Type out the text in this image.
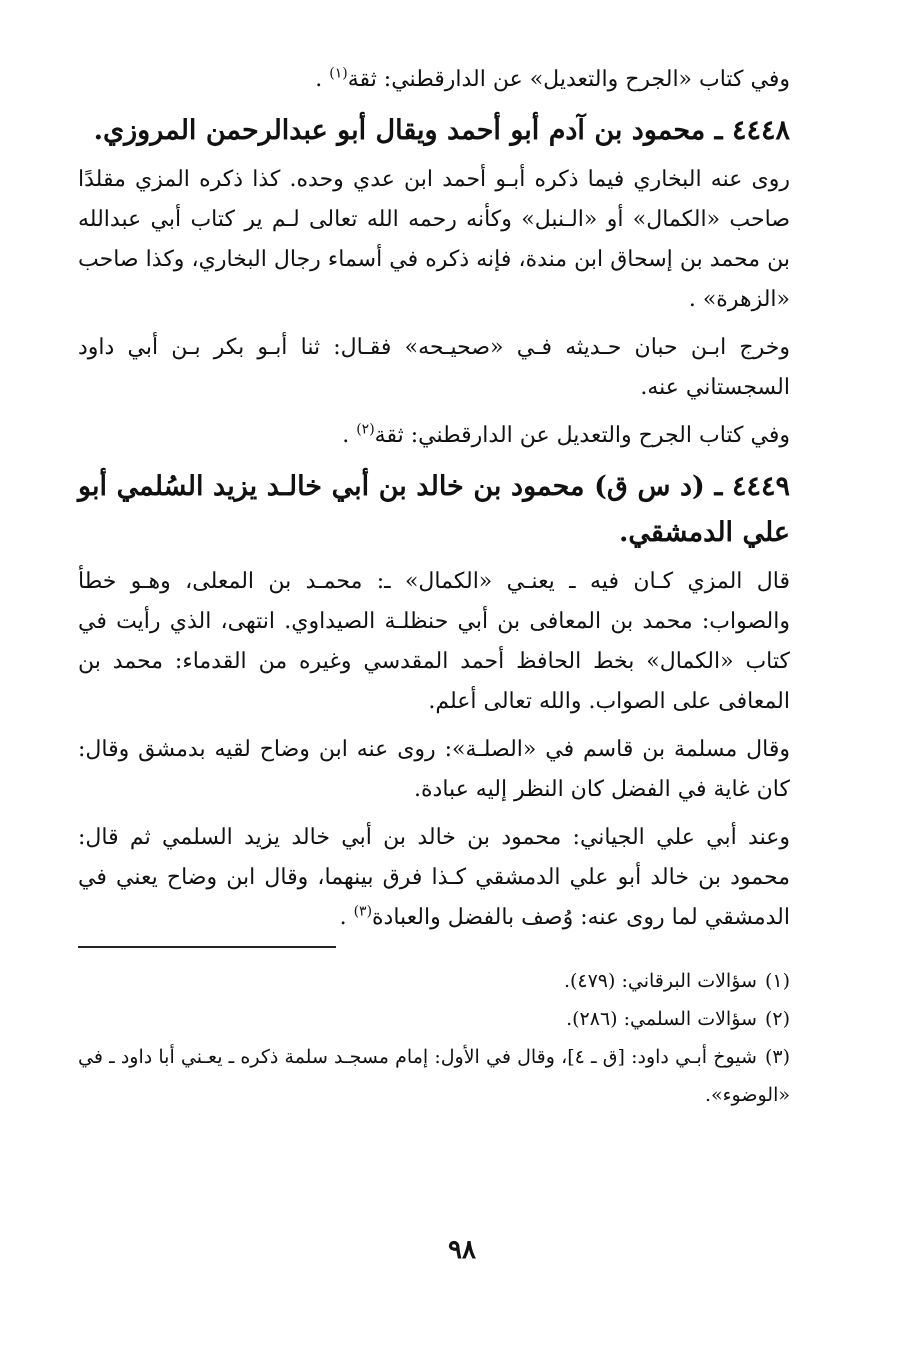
وفي كتاب «الجرح والتعديل» عن الدارقطني: ثقة$^{(١)}$ .

٤٤٤٨ ـ محمود بن آدم أبو أحمد ويقال أبو عبدالرحمن المروزي.

روى عنه البخاري فيما ذكره أبـو أحمد ابن عدي وحده. كذا ذكره المزي مقلدًا صاحب «الكمال» أو «الـنبل» وكأنه رحمه الله تعالى لـم ير كتاب أبي عبدالله بن محمد بن إسحاق ابن مندة، فإنه ذكره في أسماء رجال البخاري، وكذا صاحب «الزهرة» .

وخرج ابـن حبان حـديثه فـي «صحيـحه» فقـال: ثنا أبـو بكر بـن أبي داود السجستاني عنه.

وفي كتاب الجرح والتعديل عن الدارقطني: ثقة$^{(٢)}$ .

٤٤٤٩ ـ (د س ق) محمود بن خالد بن أبي خالـد يزيد السُلمي أبو علي الدمشقي.

قال المزي كـان فيه ـ يعنـي «الكمال» ـ: محمـد بن المعلى، وهـو خطأ والصواب: محمد بن المعافى بن أبي حنظلـة الصيداوي. انتهى، الذي رأيت في كتاب «الكمال» بخط الحافظ أحمد المقدسي وغيره من القدماء: محمد بن المعافى على الصواب. والله تعالى أعلم.

وقال مسلمة بن قاسم في «الصلـة»: روى عنه ابن وضاح لقيه بدمشق وقال: كان غاية في الفضل كان النظر إليه عبادة.

وعند أبي علي الجياني: محمود بن خالد بن أبي خالد يزيد السلمي ثم قال: محمود بن خالد أبو علي الدمشقي كـذا فرق بينهما، وقال ابن وضاح يعني في الدمشقي لما روى عنه: وُصف بالفضل والعبادة$^{(٣)}$ .

(١)سؤالات البرقاني: (٤٧٩).

(٢)سؤالات السلمي: (٢٨٦).

(٣)شيوخ أبـي داود: [ق ـ ٤]، وقال في الأول: إمام مسجـد سلمة ذكره ـ يعـني أبا داود ـ في «الوضوء».

٩٨
